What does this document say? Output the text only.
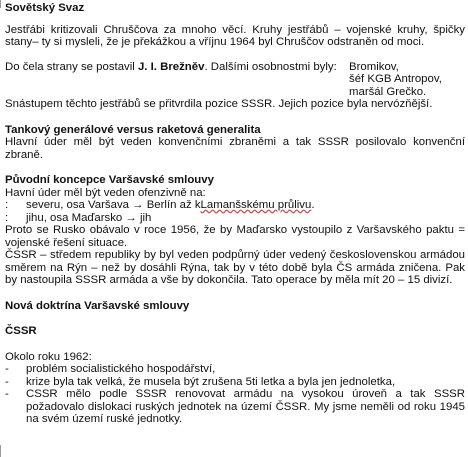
Sovětský Svaz

Jestřábi kritizovali Chruščova za mnoho věcí. Kruhy jestřábů – vojenské kruhy, špičky stany– ty si mysleli, že je překážkou a vříjnu 1964 byl Chruščov odstraněn od moci.

Do čela strany se postavil J. I. Brežněv. Dalšími osobnostmi byly:	Bromikov,
šéf KGB Antropov,
maršál Grečko.

Snástupem těchto jestřábů se přitvrdila pozice SSSR. Jejich pozice byla nervózňější.

Tankový generálové versus raketová generalita

Hlavní úder měl být veden konvenčními zbraněmi a tak SSSR posilovalo konvenční zbraně.

Původní koncepce Varšavské smlouvy

Havní úder měl být veden ofenzivně na:

:	severu, osa Varšava → Berlín až kLamanšskému průlivu.
:	jihu, osa Maďarsko → jih

Proto se Rusko obávalo v roce 1956, že by Maďarsko vystoupilo z Varšavského paktu = vojenské řešení situace.

ČSSR – středem republiky by byl veden podpůrný úder vedený československou armádou směrem na Rýn – než by dosáhli Rýna, tak by v této době byla ČS armáda zničena. Pak by nastoupila SSSR armáda a vše by dokončila. Tato operace by měla mít 20 – 15 divizí.

Nová doktrína Varšavské smlouvy

ČSSR

Okolo roku 1962:

-	problém socialistického hospodářství,
-	krize byla tak velká, že musela být zrušena 5ti letka a byla jen jednoletka,
-	CSSR mělo podle SSSR renovovat armádu na vysokou úroveň a tak SSSR požadovalo dislokaci ruských jednotek na území ČSSR. My jsme neměli od roku 1945 na svém území ruské jednotky.
